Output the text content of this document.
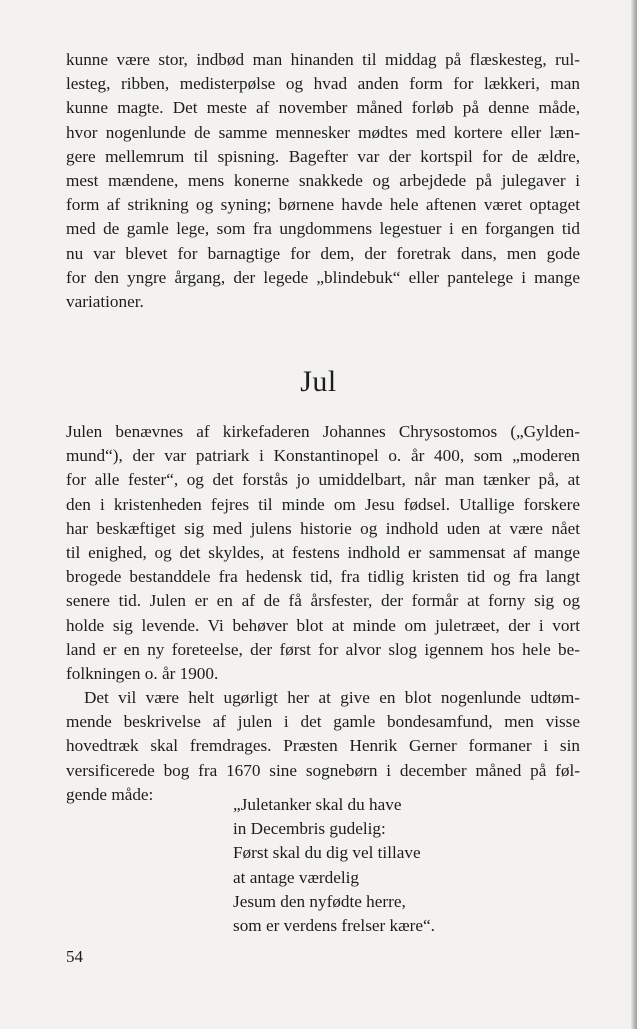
kunne være stor, indbød man hinanden til middag på flæskesteg, rul-
lesteg, ribben, medisterpølse og hvad anden form for lækkeri, man
kunne magte. Det meste af november måned forløb på denne måde,
hvor nogenlunde de samme mennesker mødtes med kortere eller læn-
gere mellemrum til spisning. Bagefter var der kortspil for de ældre,
mest mændene, mens konerne snakkede og arbejdede på julegaver i
form af strikning og syning; børnene havde hele aftenen været optaget
med de gamle lege, som fra ungdommens legestuer i en forgangen tid
nu var blevet for barnagtige for dem, der foretrak dans, men gode
for den yngre årgang, der legede „blindebuk“ eller pantelege i mange
variationer.
Jul
Julen benævnes af kirkefaderen Johannes Chrysostomos („Gylden-
mund“), der var patriark i Konstantinopel o. år 400, som „moderen
for alle fester“, og det forstås jo umiddelbart, når man tænker på, at
den i kristenheden fejres til minde om Jesu fødsel. Utallige forskere
har beskæftiget sig med julens historie og indhold uden at være nået
til enighed, og det skyldes, at festens indhold er sammensat af mange
brogede bestanddele fra hedensk tid, fra tidlig kristen tid og fra langt
senere tid. Julen er en af de få årsfester, der formår at forny sig og
holde sig levende. Vi behøver blot at minde om juletræet, der i vort
land er en ny foreteelse, der først for alvor slog igennem hos hele be-
folkningen o. år 1900.
Det vil være helt ugørligt her at give en blot nogenlunde udtøm-
mende beskrivelse af julen i det gamle bondesamfund, men visse
hovedtræk skal fremdrages. Præsten Henrik Gerner formaner i sin
versificerede bog fra 1670 sine sognebørn i december måned på føl-
gende måde:
„Juletanker skal du have
in Decembris gudelig:
Først skal du dig vel tillave
at antage værdelig
Jesum den nyfødte herre,
som er verdens frelser kære“.
54
